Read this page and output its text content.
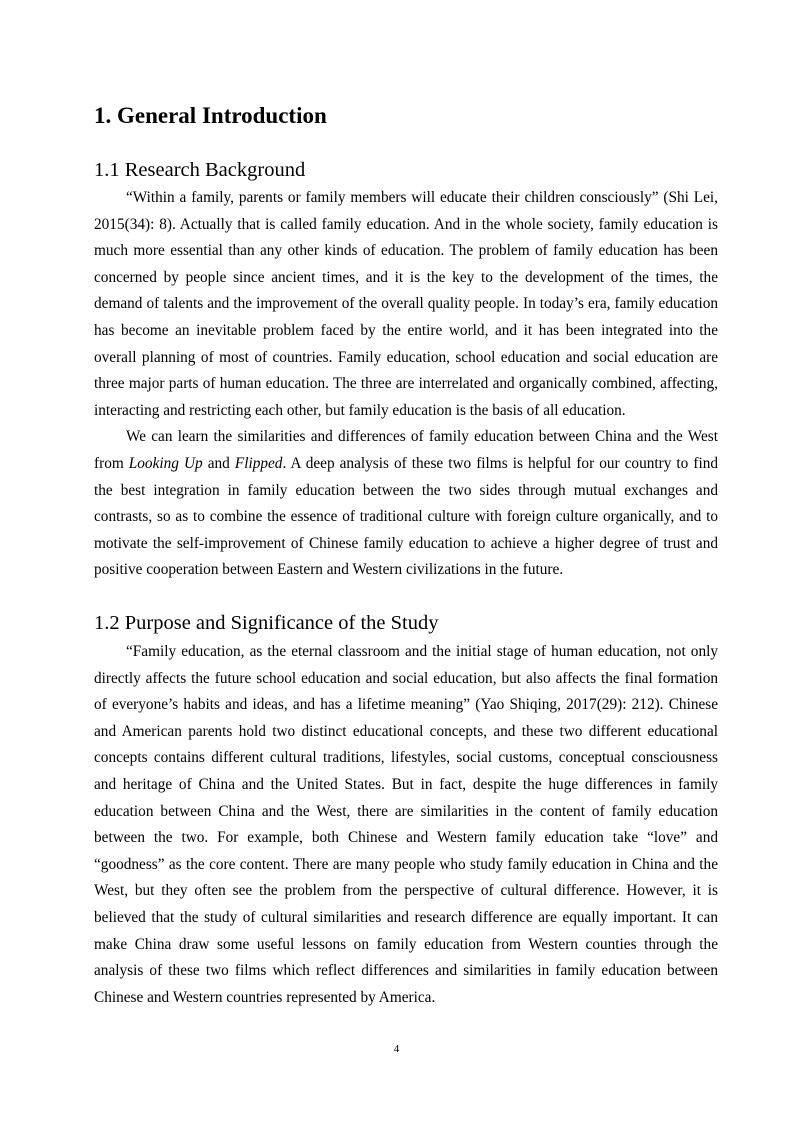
1. General Introduction
1.1 Research Background

“Within a family, parents or family members will educate their children consciously” (Shi Lei, 2015(34): 8). Actually that is called family education. And in the whole society, family education is much more essential than any other kinds of education. The problem of family education has been concerned by people since ancient times, and it is the key to the development of the times, the demand of talents and the improvement of the overall quality people. In today’s era, family education has become an inevitable problem faced by the entire world, and it has been integrated into the overall planning of most of countries. Family education, school education and social education are three major parts of human education. The three are interrelated and organically combined, affecting, interacting and restricting each other, but family education is the basis of all education.

We can learn the similarities and differences of family education between China and the West from Looking Up and Flipped. A deep analysis of these two films is helpful for our country to find the best integration in family education between the two sides through mutual exchanges and contrasts, so as to combine the essence of traditional culture with foreign culture organically, and to motivate the self-improvement of Chinese family education to achieve a higher degree of trust and positive cooperation between Eastern and Western civilizations in the future.

1.2 Purpose and Significance of the Study

“Family education, as the eternal classroom and the initial stage of human education, not only directly affects the future school education and social education, but also affects the final formation of everyone’s habits and ideas, and has a lifetime meaning” (Yao Shiqing, 2017(29): 212). Chinese and American parents hold two distinct educational concepts, and these two different educational concepts contains different cultural traditions, lifestyles, social customs, conceptual consciousness and heritage of China and the United States. But in fact, despite the huge differences in family education between China and the West, there are similarities in the content of family education between the two. For example, both Chinese and Western family education take “love” and “goodness” as the core content. There are many people who study family education in China and the West, but they often see the problem from the perspective of cultural difference. However, it is believed that the study of cultural similarities and research difference are equally important. It can make China draw some useful lessons on family education from Western counties through the analysis of these two films which reflect differences and similarities in family education between Chinese and Western countries represented by America.

4
